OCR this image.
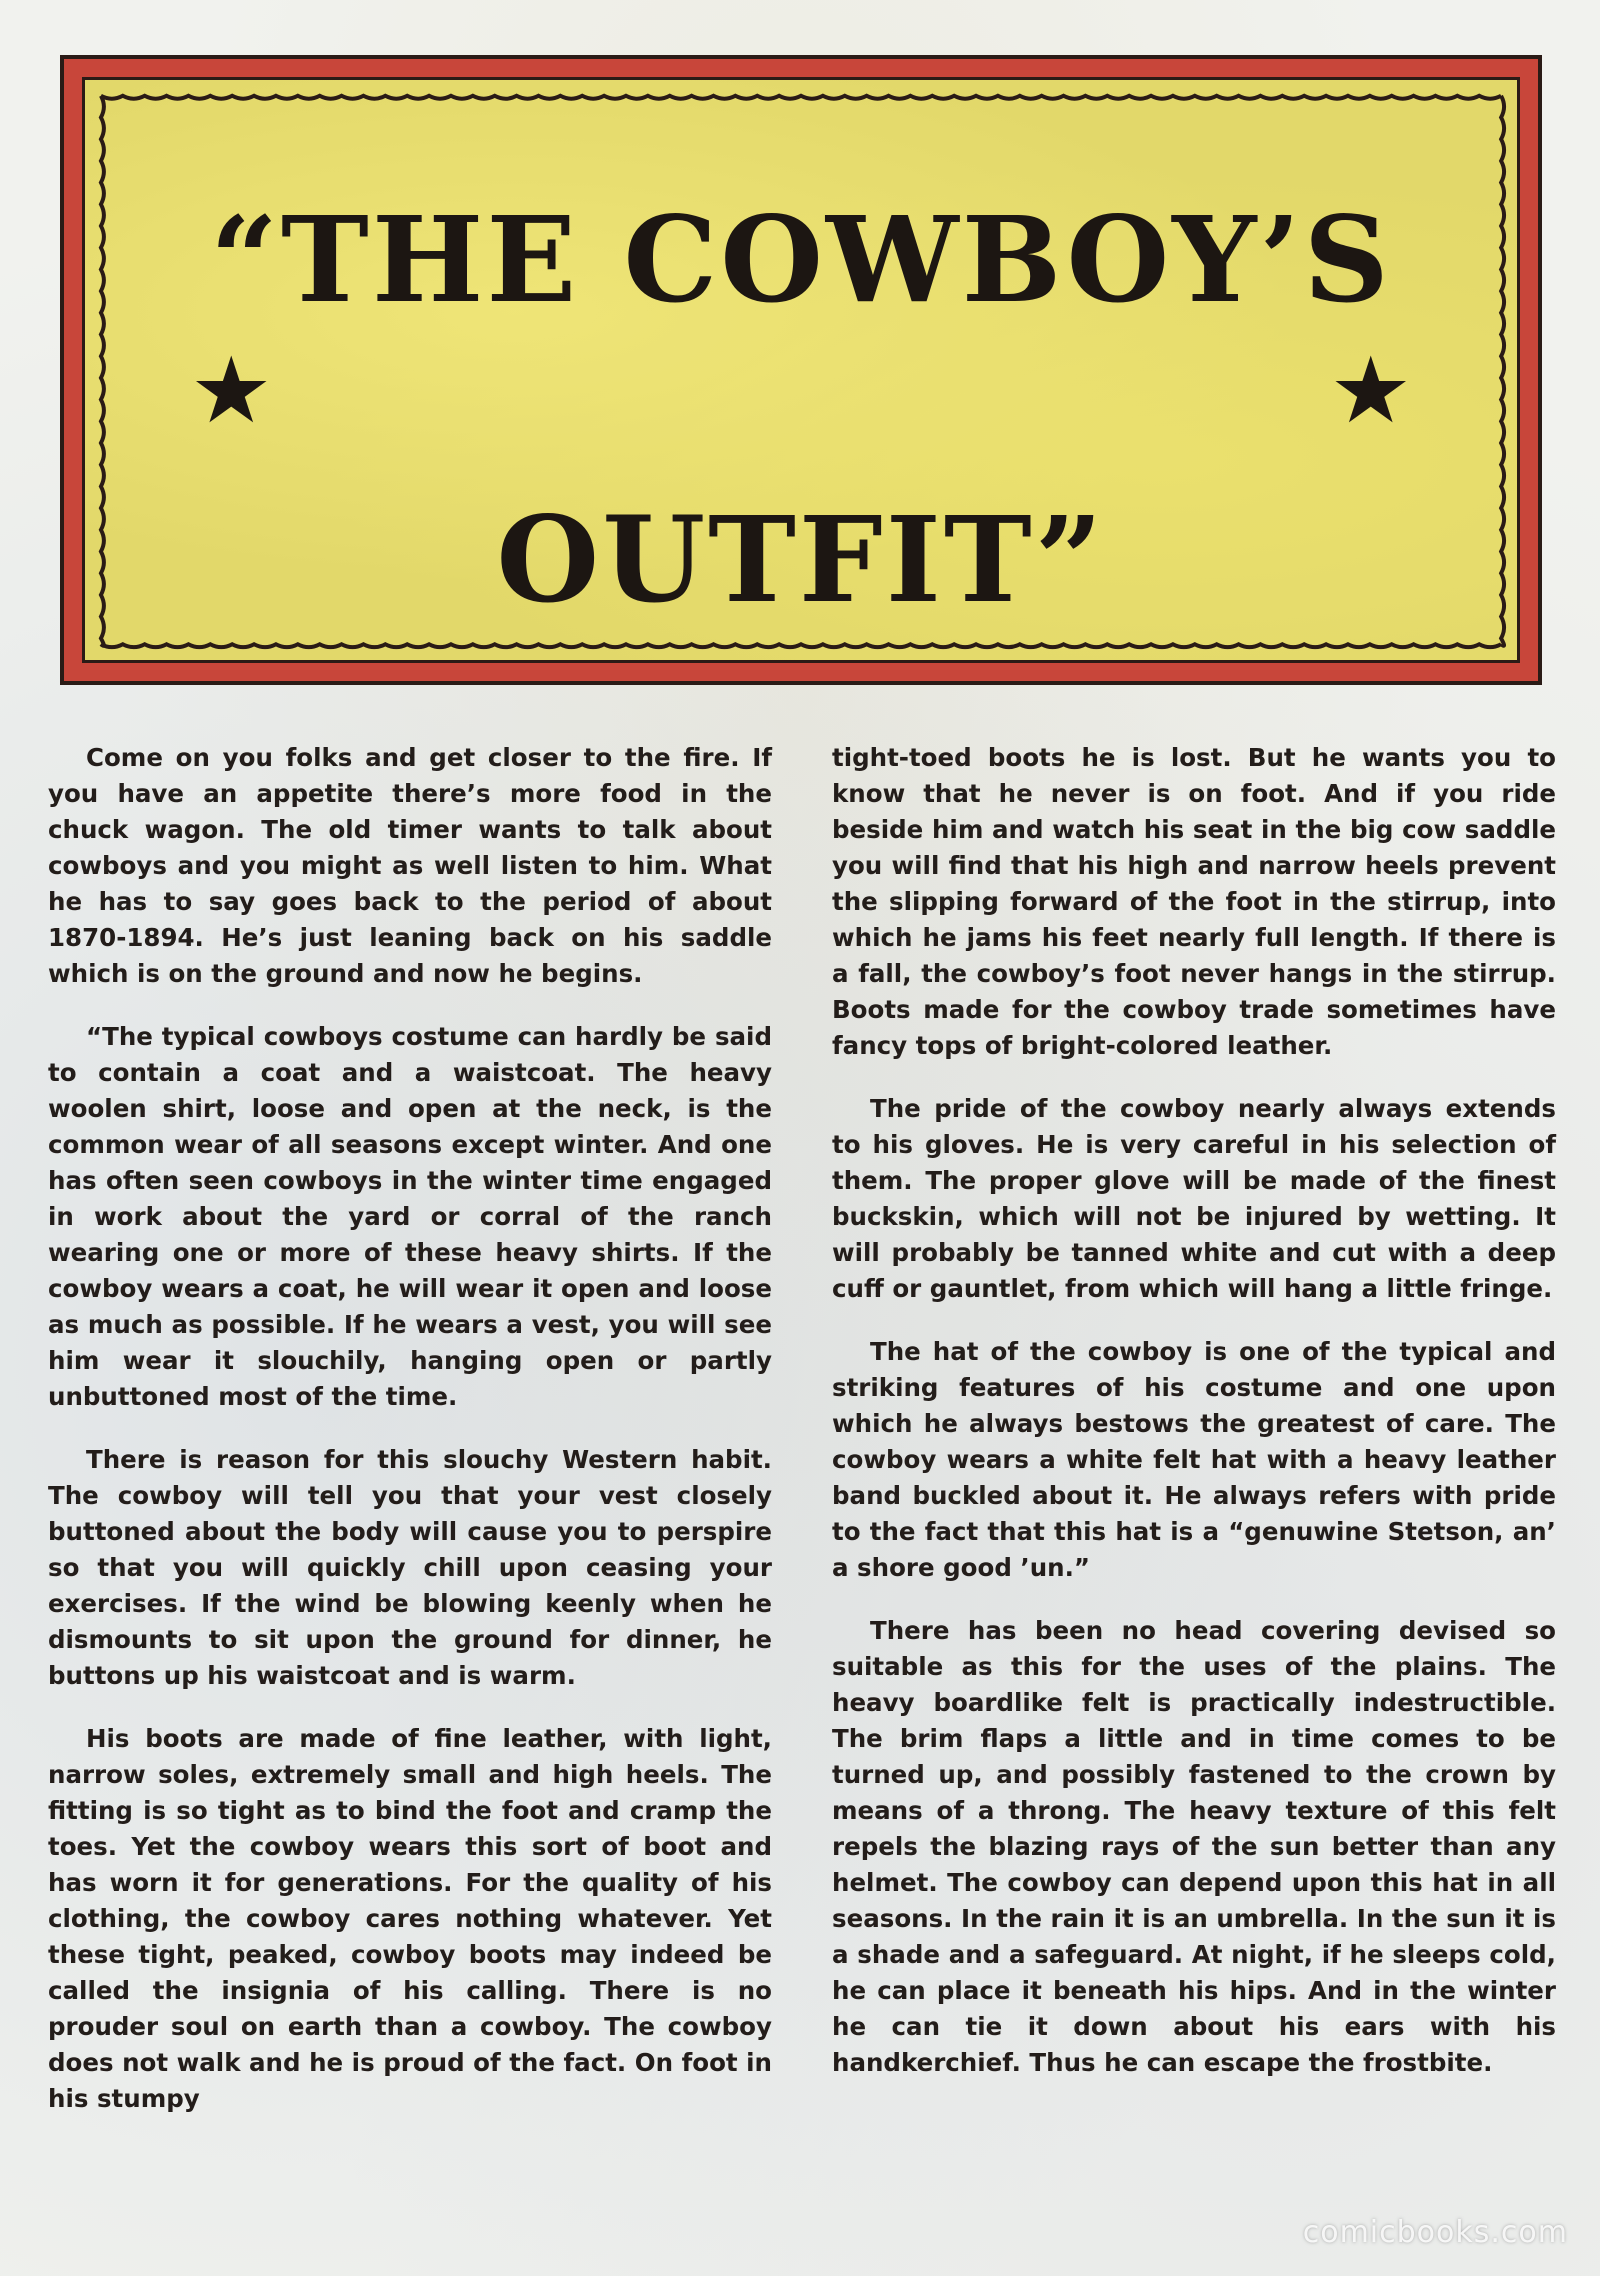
“THE COWBOY’S
★	★
OUTFIT”

Come on you folks and get closer to the fire. If you have an appetite there’s more food in the chuck wagon. The old timer wants to talk about cowboys and you might as well listen to him. What he has to say goes back to the period of about 1870-1894. He’s just leaning back on his saddle which is on the ground and now he begins.

“The typical cowboys costume can hardly be said to contain a coat and a waistcoat. The heavy woolen shirt, loose and open at the neck, is the common wear of all seasons except winter. And one has often seen cowboys in the winter time engaged in work about the yard or corral of the ranch wearing one or more of these heavy shirts. If the cowboy wears a coat, he will wear it open and loose as much as possible. If he wears a vest, you will see him wear it slouchily, hanging open or partly unbuttoned most of the time.

There is reason for this slouchy Western habit. The cowboy will tell you that your vest closely buttoned about the body will cause you to perspire so that you will quickly chill upon ceasing your exercises. If the wind be blowing keenly when he dismounts to sit upon the ground for dinner, he buttons up his waistcoat and is warm.

His boots are made of fine leather, with light, narrow soles, extremely small and high heels. The fitting is so tight as to bind the foot and cramp the toes. Yet the cowboy wears this sort of boot and has worn it for generations. For the quality of his clothing, the cowboy cares nothing whatever. Yet these tight, peaked, cowboy boots may indeed be called the insignia of his calling. There is no prouder soul on earth than a cowboy. The cowboy does not walk and he is proud of the fact. On foot in his stumpy

tight-toed boots he is lost. But he wants you to know that he never is on foot. And if you ride beside him and watch his seat in the big cow saddle you will find that his high and narrow heels prevent the slipping forward of the foot in the stirrup, into which he jams his feet nearly full length. If there is a fall, the cowboy’s foot never hangs in the stirrup. Boots made for the cowboy trade sometimes have fancy tops of bright-colored leather.

The pride of the cowboy nearly always extends to his gloves. He is very careful in his selection of them. The proper glove will be made of the finest buckskin, which will not be injured by wetting. It will probably be tanned white and cut with a deep cuff or gauntlet, from which will hang a little fringe.

The hat of the cowboy is one of the typical and striking features of his costume and one upon which he always bestows the greatest of care. The cowboy wears a white felt hat with a heavy leather band buckled about it. He always refers with pride to the fact that this hat is a “genuwine Stetson, an’ a shore good ’un.”

There has been no head covering devised so suitable as this for the uses of the plains. The heavy boardlike felt is practically indestructible. The brim flaps a little and in time comes to be turned up, and possibly fastened to the crown by means of a throng. The heavy texture of this felt repels the blazing rays of the sun better than any helmet. The cowboy can depend upon this hat in all seasons. In the rain it is an umbrella. In the sun it is a shade and a safeguard. At night, if he sleeps cold, he can place it beneath his hips. And in the winter he can tie it down about his ears with his handkerchief. Thus he can escape the frostbite.

comicbooks.com
